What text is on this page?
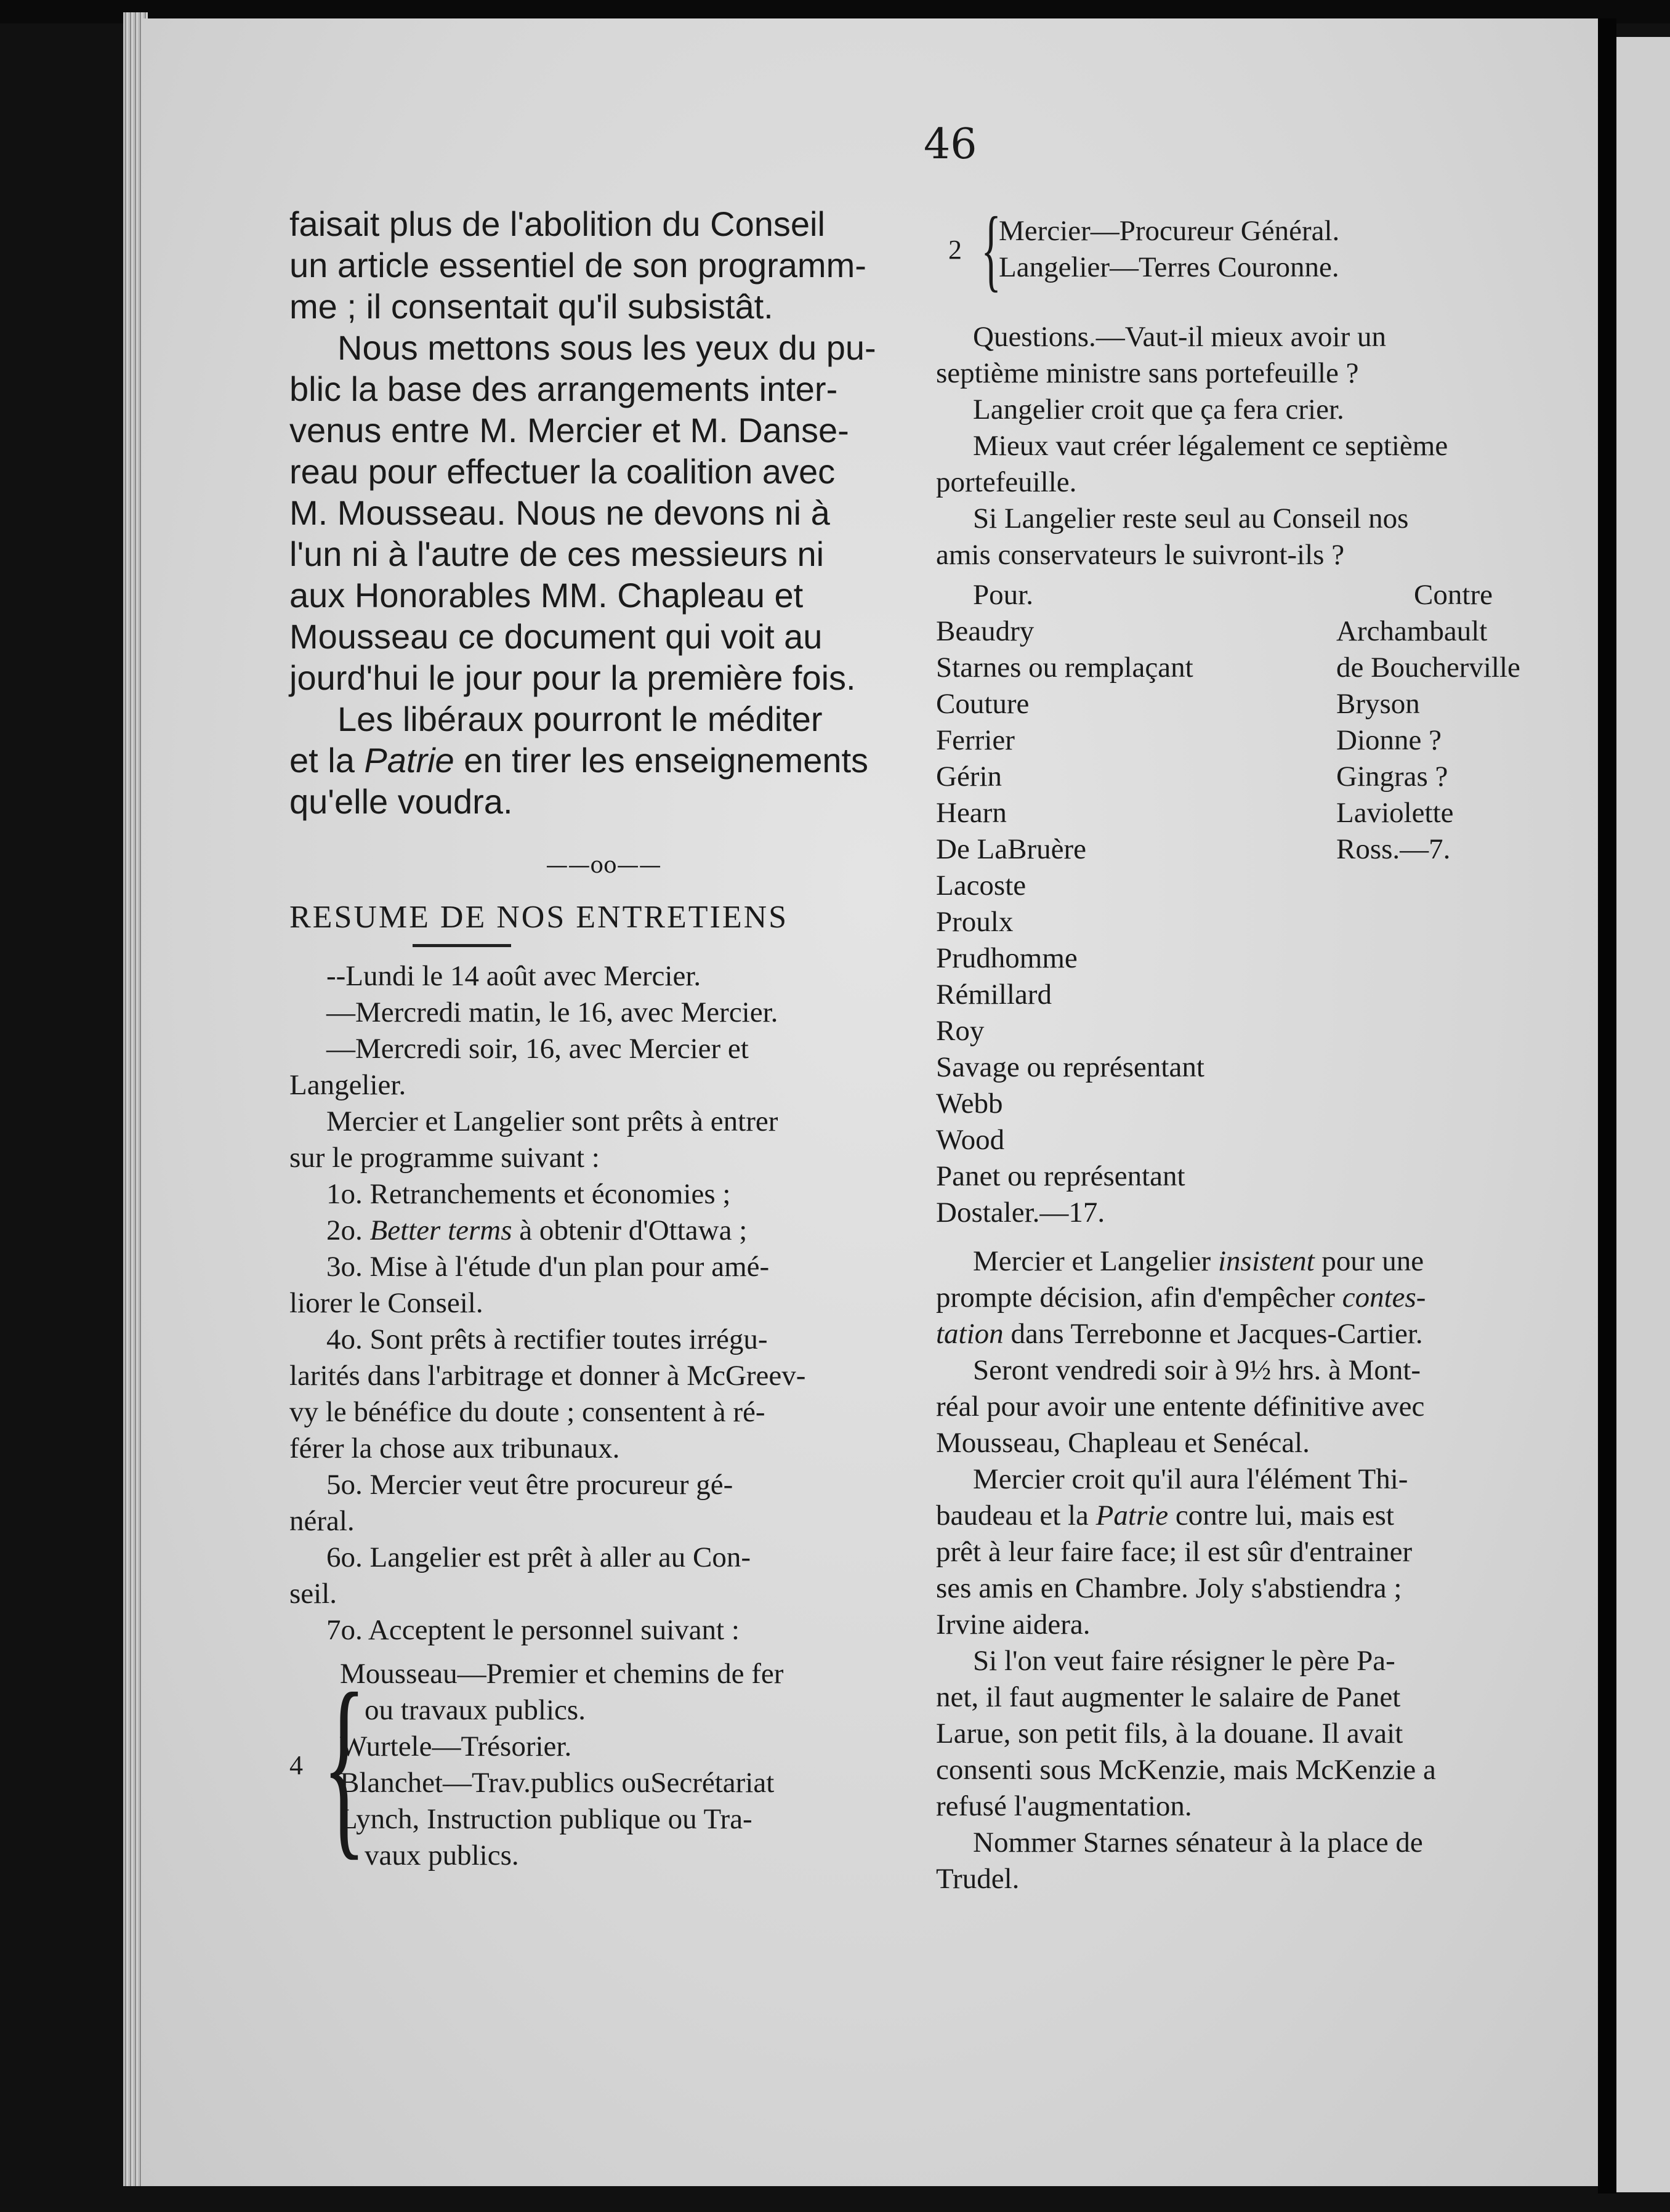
46
faisait plus de l'abolition du Conseil
un article essentiel de son programm-
me ; il consentait qu'il subsistât.
Nous mettons sous les yeux du pu-
blic la base des arrangements inter-
venus entre M. Mercier et M. Danse-
reau pour effectuer la coalition avec
M. Mousseau. Nous ne devons ni à
l'un ni à l'autre de ces messieurs ni
aux Honorables MM. Chapleau et
Mousseau ce document qui voit au
jourd'hui le jour pour la première fois.
Les libéraux pourront le méditer
et la Patrie en tirer les enseignements
qu'elle voudra.
——oo——
RESUME DE NOS ENTRETIENS
--Lundi le 14 août avec Mercier.
—Mercredi matin, le 16, avec Mercier.
—Mercredi soir, 16, avec Mercier et
Langelier.
Mercier et Langelier sont prêts à entrer
sur le programme suivant :
1o. Retranchements et économies ;
2o. Better terms à obtenir d'Ottawa ;
3o. Mise à l'étude d'un plan pour amé-
liorer le Conseil.
4o. Sont prêts à rectifier toutes irrégu-
larités dans l'arbitrage et donner à McGreev-
vy le bénéfice du doute ; consentent à ré-
férer la chose aux tribunaux.
5o. Mercier veut être procureur gé-
néral.
6o. Langelier est prêt à aller au Con-
seil.
7o. Acceptent le personnel suivant :
4 {
Mousseau—Premier et chemins de fer
ou travaux publics.
Wurtele—Trésorier.
Blanchet—Trav.publics ouSecrétariat
Lynch, Instruction publique ou Tra-
vaux publics.
2 {
Mercier—Procureur Général.
Langelier—Terres Couronne.
Questions.—Vaut-il mieux avoir un
septième ministre sans portefeuille ?
Langelier croit que ça fera crier.
Mieux vaut créer légalement ce septième
portefeuille.
Si Langelier reste seul au Conseil nos
amis conservateurs le suivront-ils ?
Pour.
Beaudry
Starnes ou remplaçant
Couture
Ferrier
Gérin
Hearn
De LaBruère
Lacoste
Proulx
Prudhomme
Rémillard
Roy
Savage ou représentant
Webb
Wood
Panet ou représentant
Dostaler.—17.
Contre
Archambault
de Boucherville
Bryson
Dionne ?
Gingras ?
Laviolette
Ross.—7.
Mercier et Langelier insistent pour une
prompte décision, afin d'empêcher contes-
tation dans Terrebonne et Jacques-Cartier.
Seront vendredi soir à 9½ hrs. à Mont-
réal pour avoir une entente définitive avec
Mousseau, Chapleau et Senécal.
Mercier croit qu'il aura l'élément Thi-
baudeau et la Patrie contre lui, mais est
prêt à leur faire face; il est sûr d'entrainer
ses amis en Chambre. Joly s'abstiendra ;
Irvine aidera.
Si l'on veut faire résigner le père Pa-
net, il faut augmenter le salaire de Panet
Larue, son petit fils, à la douane. Il avait
consenti sous McKenzie, mais McKenzie a
refusé l'augmentation.
Nommer Starnes sénateur à la place de
Trudel.
